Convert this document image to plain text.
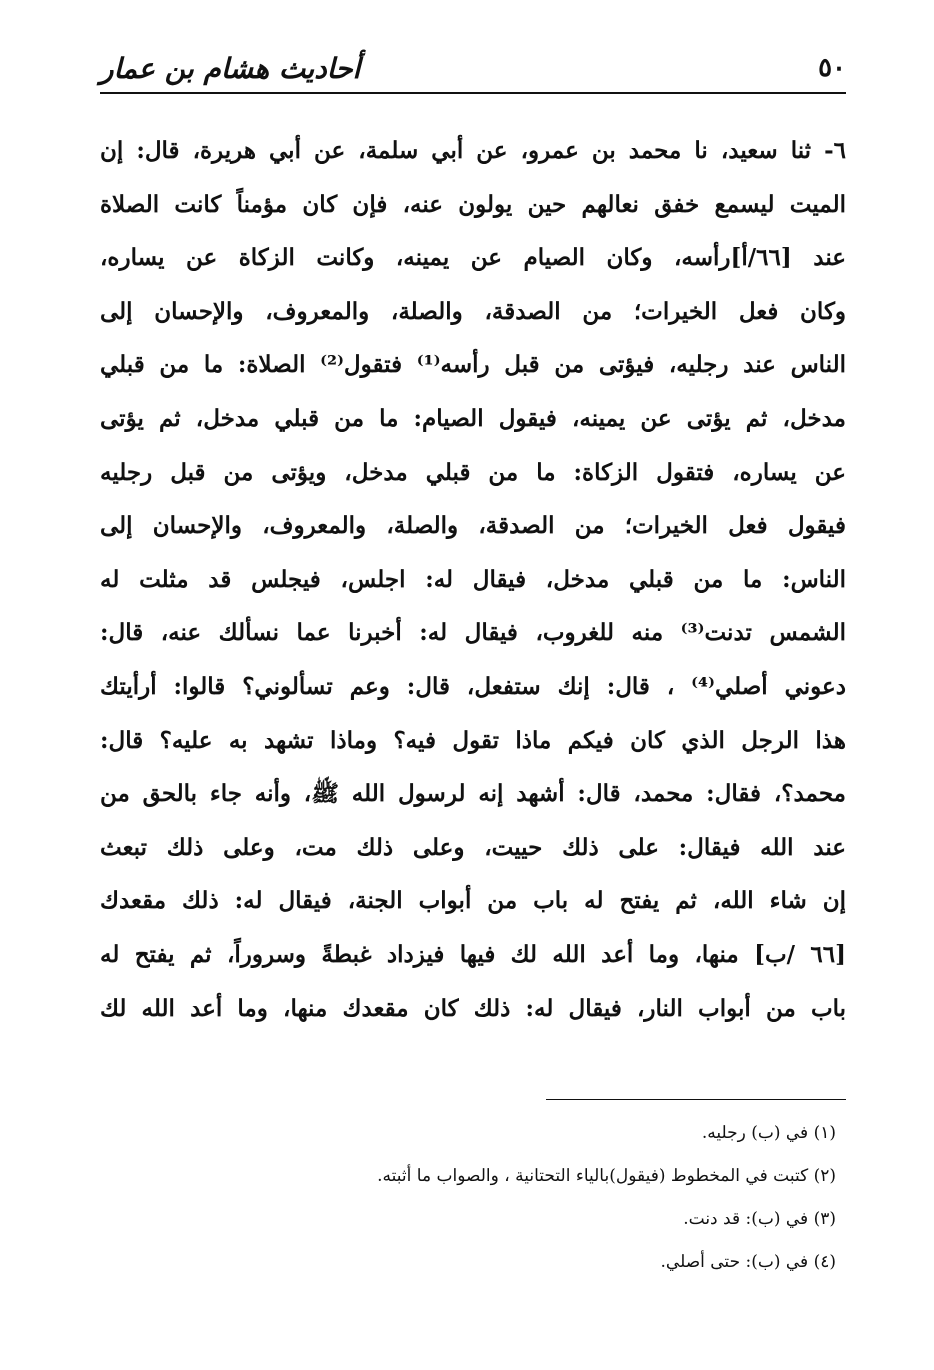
٥٠
أحاديث هشام بن عمار
٦- ثنا سعيد، نا محمد بن عمرو، عن أبي سلمة، عن أبي هريرة، قال: إن
الميت ليسمع خفق نعالهم حين يولون عنه، فإن كان مؤمناً كانت الصلاة
عند [٦٦/أ]رأسه، وكان الصيام عن يمينه، وكانت الزكاة عن يساره،
وكان فعل الخيرات؛ من الصدقة، والصلة، والمعروف، والإحسان إلى
الناس عند رجليه، فيؤتى من قبل رأسه⁽¹⁾ فتقول⁽²⁾ الصلاة: ما من قبلي
مدخل، ثم يؤتى عن يمينه، فيقول الصيام: ما من قبلي مدخل، ثم يؤتى
عن يساره، فتقول الزكاة: ما من قبلي مدخل، ويؤتى من قبل رجليه
فيقول فعل الخيرات؛ من الصدقة، والصلة، والمعروف، والإحسان إلى
الناس: ما من قبلي مدخل، فيقال له: اجلس، فيجلس قد مثلت له
الشمس تدنت⁽³⁾ منه للغروب، فيقال له: أخبرنا عما نسألك عنه، قال:
دعوني أصلي⁽⁴⁾ ، قال: إنك ستفعل، قال: وعم تسألوني؟ قالوا: أرأيتك
هذا الرجل الذي كان فيكم ماذا تقول فيه؟ وماذا تشهد به عليه؟ قال:
محمد؟، فقال: محمد، قال: أشهد إنه لرسول الله ﷺ، وأنه جاء بالحق من
عند الله فيقال: على ذلك حييت، وعلى ذلك مت، وعلى ذلك تبعث
إن شاء الله، ثم يفتح له باب من أبواب الجنة، فيقال له: ذلك مقعدك
[٦٦ /ب] منها، وما أعد الله لك فيها فيزداد غبطةً وسروراً، ثم يفتح له
باب من أبواب النار، فيقال له: ذلك كان مقعدك منها، وما أعد الله لك
(١) في (ب) رجليه.
(٢) كتبت في المخطوط (فيقول)بالياء التحتانية ، والصواب ما أثبته.
(٣) في (ب): قد دنت.
(٤) في (ب): حتى أصلي.
